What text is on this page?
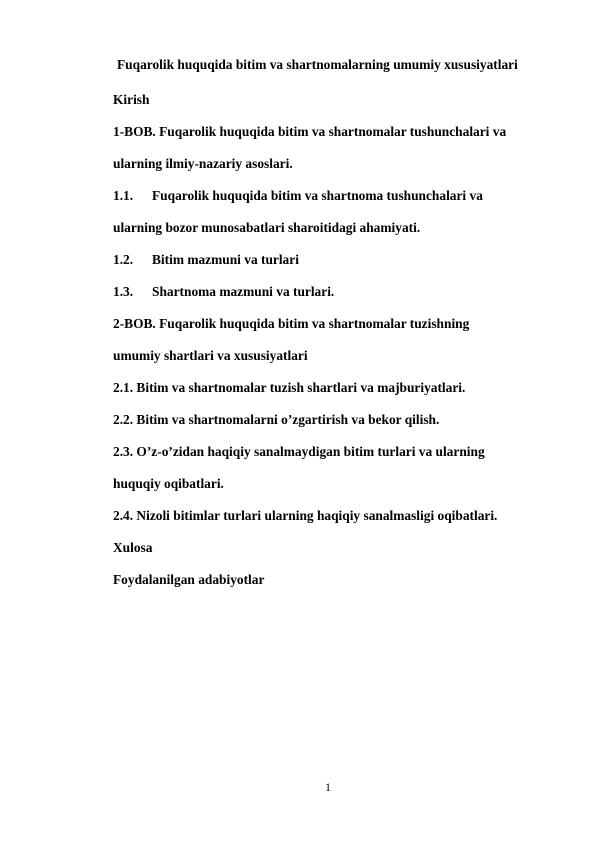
Fuqarolik huquqida bitim va shartnomalarning umumiy xususiyatlari
Kirish
1-BOB. Fuqarolik huquqida bitim va shartnomalar tushunchalari va
ularning ilmiy-nazariy asoslari.
1.1. Fuqarolik huquqida bitim va shartnoma tushunchalari va
ularning bozor munosabatlari sharoitidagi ahamiyati.
1.2. Bitim mazmuni va turlari
1.3. Shartnoma mazmuni va turlari.
2-BOB. Fuqarolik huquqida bitim va shartnomalar tuzishning
umumiy shartlari va xususiyatlari
2.1. Bitim va shartnomalar tuzish shartlari va majburiyatlari.
2.2. Bitim va shartnomalarni o’zgartirish va bekor qilish.
2.3. O’z-o’zidan haqiqiy sanalmaydigan bitim turlari va ularning
huquqiy oqibatlari.
2.4. Nizoli bitimlar turlari ularning haqiqiy sanalmasligi oqibatlari.
Xulosa
Foydalanilgan adabiyotlar
1
